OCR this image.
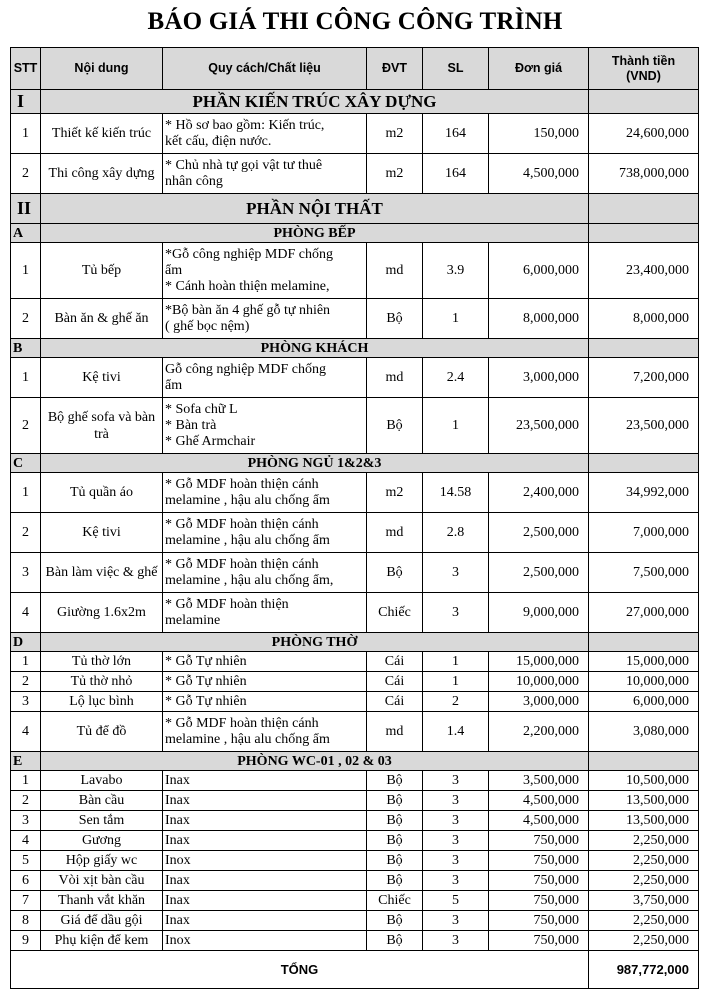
BÁO GIÁ THI CÔNG CÔNG TRÌNH
STT	Nội dung	Quy cách/Chất liệu	ĐVT	SL	Đơn giá	Thành tiền
(VND)

I	PHẦN KIẾN TRÚC XÂY DỰNG					
1	Thiết kế kiến trúc	* Hồ sơ bao gồm: Kiến trúc,
kết cấu, điện nước.	m2	164	150,000	24,600,000
2	Thi công xây dựng	* Chủ nhà tự gọi vật tư thuê
nhân công	m2	164	4,500,000	738,000,000
II	PHẦN NỘI THẤT					
A	PHÒNG BẾP					
1	Tủ bếp	*Gỗ công nghiệp MDF chống
ẩm
* Cánh hoàn thiện melamine,	md	3.9	6,000,000	23,400,000
2	Bàn ăn & ghế ăn	*Bộ bàn ăn 4 ghế gỗ tự nhiên
( ghế bọc nệm)	Bộ	1	8,000,000	8,000,000
B	PHÒNG KHÁCH					
1	Kệ tivi	Gỗ công nghiệp MDF chống
ẩm	md	2.4	3,000,000	7,200,000
2	Bộ ghế sofa và bàn trà	* Sofa chữ L
* Bàn trà
* Ghế Armchair	Bộ	1	23,500,000	23,500,000
C	PHÒNG NGỦ 1&2&3					
1	Tủ quần áo	* Gỗ MDF hoàn thiện cánh
melamine , hậu alu chống ẩm	m2	14.58	2,400,000	34,992,000
2	Kệ tivi	* Gỗ MDF hoàn thiện cánh
melamine , hậu alu chống ẩm	md	2.8	2,500,000	7,000,000
3	Bàn làm việc & ghế	* Gỗ MDF hoàn thiện cánh
melamine , hậu alu chống ẩm,	Bộ	3	2,500,000	7,500,000
4	Giường 1.6x2m	* Gỗ MDF hoàn thiện
melamine	Chiếc	3	9,000,000	27,000,000
D	PHÒNG THỜ					
1	Tủ thờ lớn	* Gỗ Tự nhiên	Cái	1	15,000,000	15,000,000
2	Tủ thờ nhỏ	* Gỗ Tự nhiên	Cái	1	10,000,000	10,000,000
3	Lộ lục bình	* Gỗ Tự nhiên	Cái	2	3,000,000	6,000,000
4	Tủ để đồ	* Gỗ MDF hoàn thiện cánh
melamine , hậu alu chống ẩm	md	1.4	2,200,000	3,080,000
E	PHÒNG WC-01 , 02 & 03					
1	Lavabo	Inax	Bộ	3	3,500,000	10,500,000
2	Bàn cầu	Inax	Bộ	3	4,500,000	13,500,000
3	Sen tắm	Inax	Bộ	3	4,500,000	13,500,000
4	Gương	Inax	Bộ	3	750,000	2,250,000
5	Hộp giấy wc	Inox	Bộ	3	750,000	2,250,000
6	Vòi xịt bàn cầu	Inax	Bộ	3	750,000	2,250,000
7	Thanh vắt khăn	Inax	Chiếc	5	750,000	3,750,000
8	Giá để dầu gội	Inax	Bộ	3	750,000	2,250,000
9	Phụ kiện để kem	Inox	Bộ	3	750,000	2,250,000
TỔNG						987,772,000
